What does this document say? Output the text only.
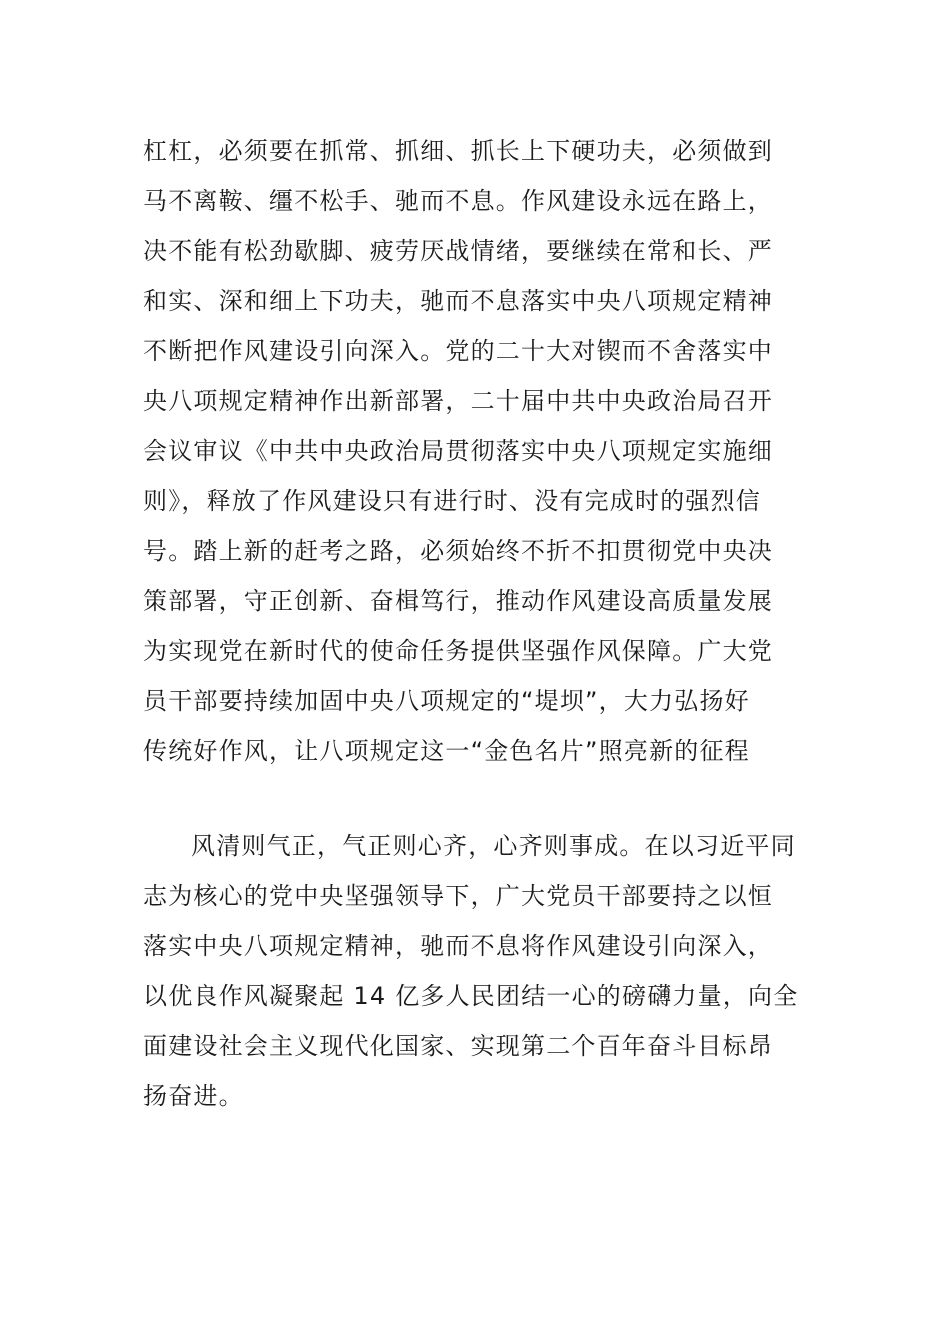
杠杠，必须要在抓常、抓细、抓长上下硬功夫，必须做到
马不离鞍、缰不松手、驰而不息。作风建设永远在路上，
决不能有松劲歇脚、疲劳厌战情绪，要继续在常和长、严
和实、深和细上下功夫，驰而不息落实中央八项规定精神
不断把作风建设引向深入。党的二十大对锲而不舍落实中
央八项规定精神作出新部署，二十届中共中央政治局召开
会议审议《中共中央政治局贯彻落实中央八项规定实施细
则》，释放了作风建设只有进行时、没有完成时的强烈信
号。踏上新的赶考之路，必须始终不折不扣贯彻党中央决
策部署，守正创新、奋楫笃行，推动作风建设高质量发展
为实现党在新时代的使命任务提供坚强作风保障。广大党
员干部要持续加固中央八项规定的“堤坝”，大力弘扬好
传统好作风，让八项规定这一“金色名片”照亮新的征程
风清则气正，气正则心齐，心齐则事成。在以习近平同
志为核心的党中央坚强领导下，广大党员干部要持之以恒
落实中央八项规定精神，驰而不息将作风建设引向深入，
以优良作风凝聚起 14 亿多人民团结一心的磅礴力量，向全
面建设社会主义现代化国家、实现第二个百年奋斗目标昂
扬奋进。
